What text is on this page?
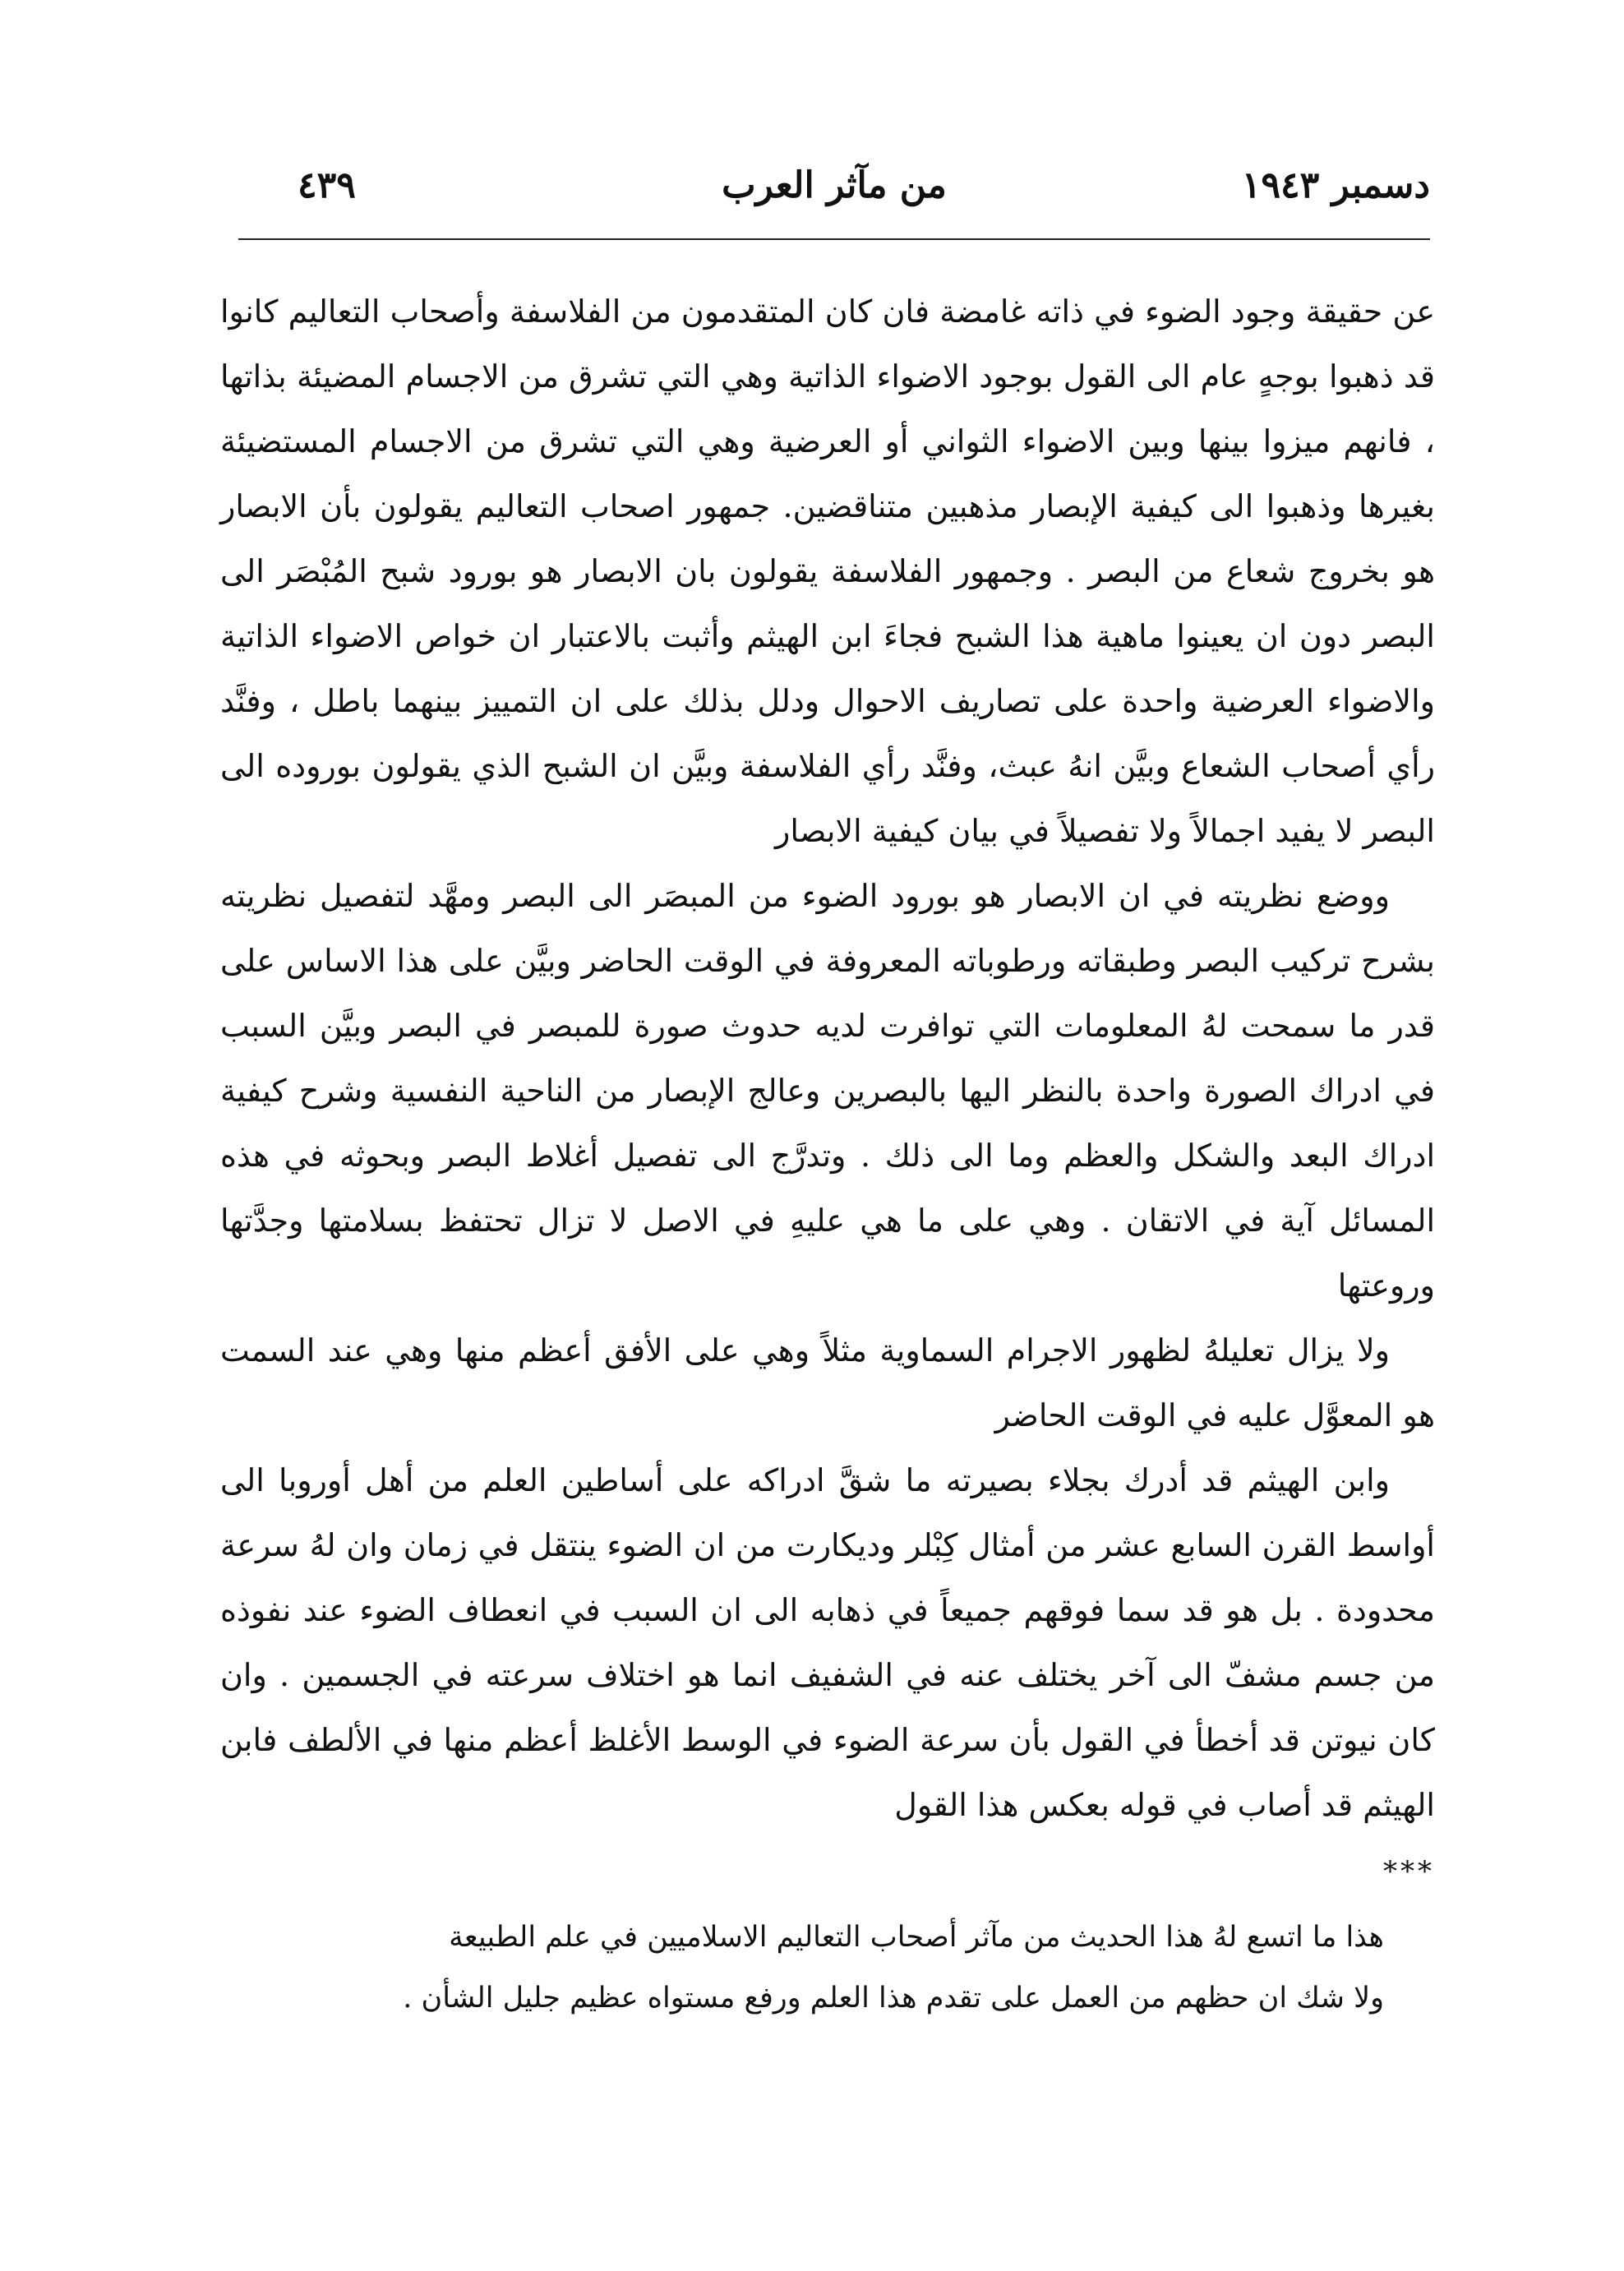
٤٣٩	من مآثر العرب	دسمبر ١٩٤٣

عن حقيقة وجود الضوء في ذاته غامضة فان كان المتقدمون من الفلاسفة وأصحاب التعاليم كانوا قد ذهبوا بوجهٍ عام الى القول بوجود الاضواء الذاتية وهي التي تشرق من الاجسام المضيئة بذاتها ، فانهم ميزوا بينها وبين الاضواء الثواني أو العرضية وهي التي تشرق من الاجسام المستضيئة بغيرها وذهبوا الى كيفية الإبصار مذهبين متناقضين. جمهور اصحاب التعاليم يقولون بأن الابصار هو بخروج شعاع من البصر . وجمهور الفلاسفة يقولون بان الابصار هو بورود شبح المُبْصَر الى البصر دون ان يعينوا ماهية هذا الشبح فجاءَ ابن الهيثم وأثبت بالاعتبار ان خواص الاضواء الذاتية والاضواء العرضية واحدة على تصاريف الاحوال ودلل بذلك على ان التمييز بينهما باطل ، وفنَّد رأي أصحاب الشعاع وبيَّن انهُ عبث، وفنَّد رأي الفلاسفة وبيَّن ان الشبح الذي يقولون بوروده الى البصر لا يفيد اجمالاً ولا تفصيلاً في بيان كيفية الابصار

ووضع نظريته في ان الابصار هو بورود الضوء من المبصَر الى البصر ومهَّد لتفصيل نظريته بشرح تركيب البصر وطبقاته ورطوباته المعروفة في الوقت الحاضر وبيَّن على هذا الاساس على قدر ما سمحت لهُ المعلومات التي توافرت لديه حدوث صورة للمبصر في البصر وبيَّن السبب في ادراك الصورة واحدة بالنظر اليها بالبصرين وعالج الإبصار من الناحية النفسية وشرح كيفية ادراك البعد والشكل والعظم وما الى ذلك . وتدرَّج الى تفصيل أغلاط البصر وبحوثه في هذه المسائل آية في الاتقان . وهي على ما هي عليهِ في الاصل لا تزال تحتفظ بسلامتها وجدَّتها وروعتها

ولا يزال تعليلهُ لظهور الاجرام السماوية مثلاً وهي على الأفق أعظم منها وهي عند السمت هو المعوَّل عليه في الوقت الحاضر

وابن الهيثم قد أدرك بجلاء بصيرته ما شقَّ ادراكه على أساطين العلم من أهل أوروبا الى أواسط القرن السابع عشر من أمثال كِبْلر وديكارت من ان الضوء ينتقل في زمان وان لهُ سرعة محدودة . بل هو قد سما فوقهم جميعاً في ذهابه الى ان السبب في انعطاف الضوء عند نفوذه من جسم مشفّ الى آخر يختلف عنه في الشفيف انما هو اختلاف سرعته في الجسمين . وان كان نيوتن قد أخطأ في القول بأن سرعة الضوء في الوسط الأغلظ أعظم منها في الألطف فابن الهيثم قد أصاب في قوله بعكس هذا القول

***

هذا ما اتسع لهُ هذا الحديث من مآثر أصحاب التعاليم الاسلاميين في علم الطبيعة

ولا شك ان حظهم من العمل على تقدم هذا العلم ورفع مستواه عظيم جليل الشأن .
